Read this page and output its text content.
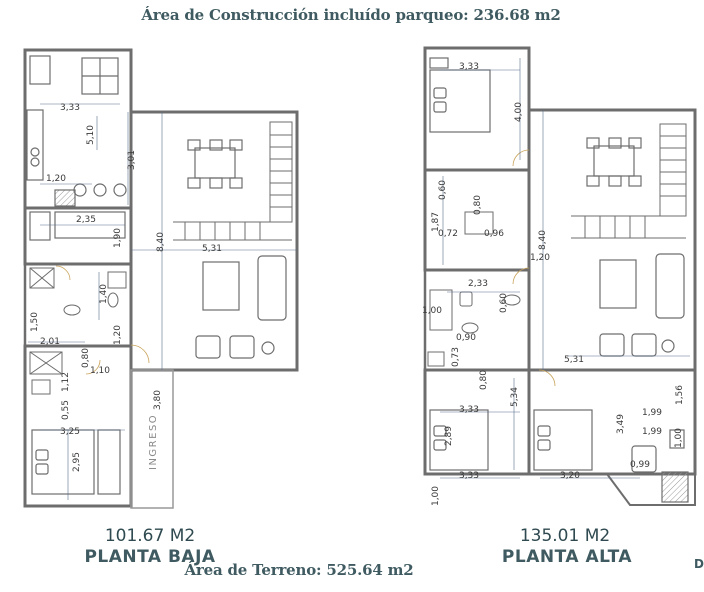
Área de Construcción incluído parqueo: 236.68 m2
3,33
5,10
3,01
1,20
2,35
1,90	8,40	5,31
1,40
1,50
1,20
2,01
0,80
1,10
1,12
0,55
3,25
2,95
3,80
3,33
4,00
0,60
1,87
0,80
0,72	0,96	8,40
1,20
2,33
1,00	0,60
0,90
0,73
0,80
5,31
5,34
3,33
2,89
3,49
1,99
1,56
1,99 1,00
3,33	3,20
0,99
1,00
INGRESO
101.67 M2
PLANTA BAJA
135.01 M2
PLANTA ALTA
Área de Terreno: 525.64 m2	D
